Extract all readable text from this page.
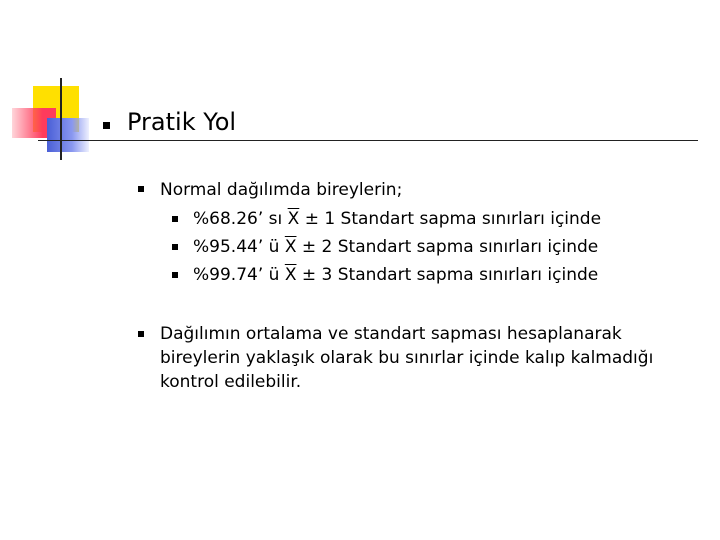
Pratik Yol
Normal dağılımda bireylerin;
%68.26’ sı $\overline{X} \pm 1$ Standart sapma sınırları içinde
%95.44’ ü $\overline{X} \pm 2$ Standart sapma sınırları içinde
%99.74’ ü $\overline{X} \pm 3$ Standart sapma sınırları içinde

Dağılımın ortalama ve standart sapması hesaplanarak bireylerin yaklaşık olarak bu sınırlar içinde kalıp kalmadığı kontrol edilebilir.
